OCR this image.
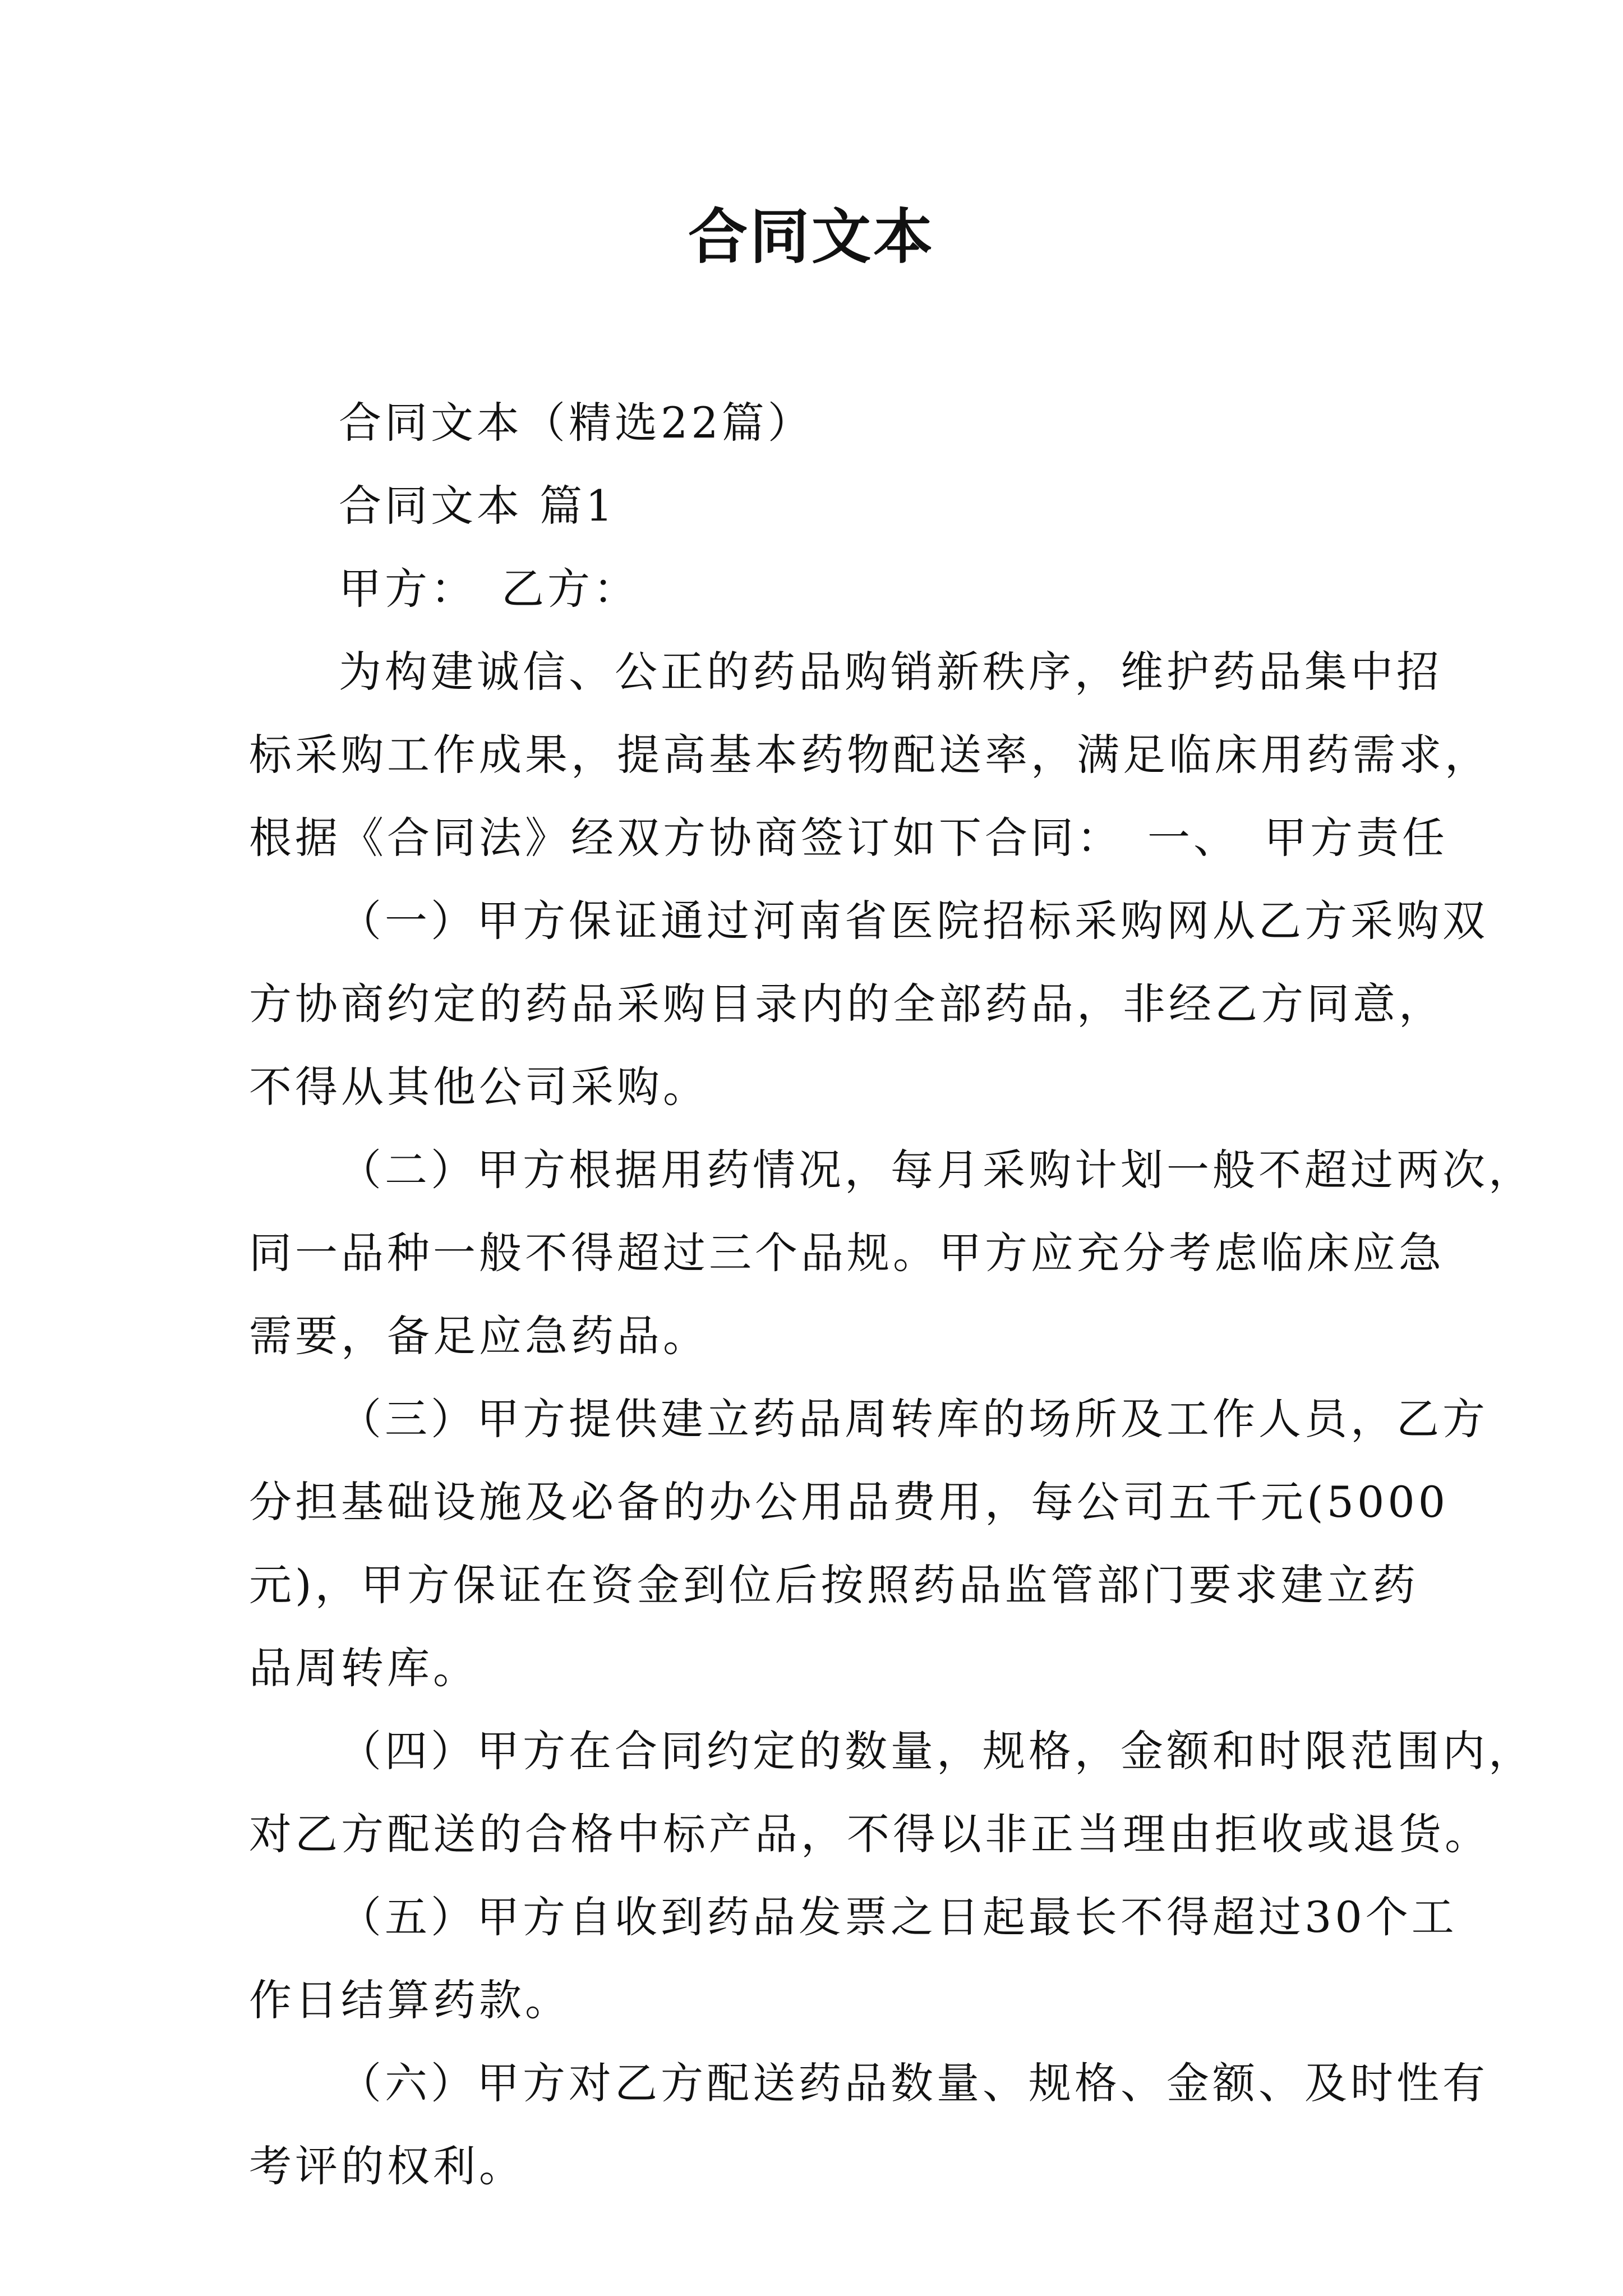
合同文本
合同文本（精选22篇）
合同文本 篇1
甲方：　乙方：
为构建诚信、公正的药品购销新秩序，维护药品集中招
标采购工作成果，提高基本药物配送率，满足临床用药需求，
根据《合同法》经双方协商签订如下合同：　一、　甲方责任
（一）甲方保证通过河南省医院招标采购网从乙方采购双
方协商约定的药品采购目录内的全部药品，非经乙方同意，
不得从其他公司采购。
（二）甲方根据用药情况，每月采购计划一般不超过两次，
同一品种一般不得超过三个品规。甲方应充分考虑临床应急
需要，备足应急药品。
（三）甲方提供建立药品周转库的场所及工作人员，乙方
分担基础设施及必备的办公用品费用，每公司五千元(5000
元)，甲方保证在资金到位后按照药品监管部门要求建立药
品周转库。
（四）甲方在合同约定的数量，规格，金额和时限范围内，
对乙方配送的合格中标产品，不得以非正当理由拒收或退货。
（五）甲方自收到药品发票之日起最长不得超过30个工
作日结算药款。
（六）甲方对乙方配送药品数量、规格、金额、及时性有
考评的权利。
